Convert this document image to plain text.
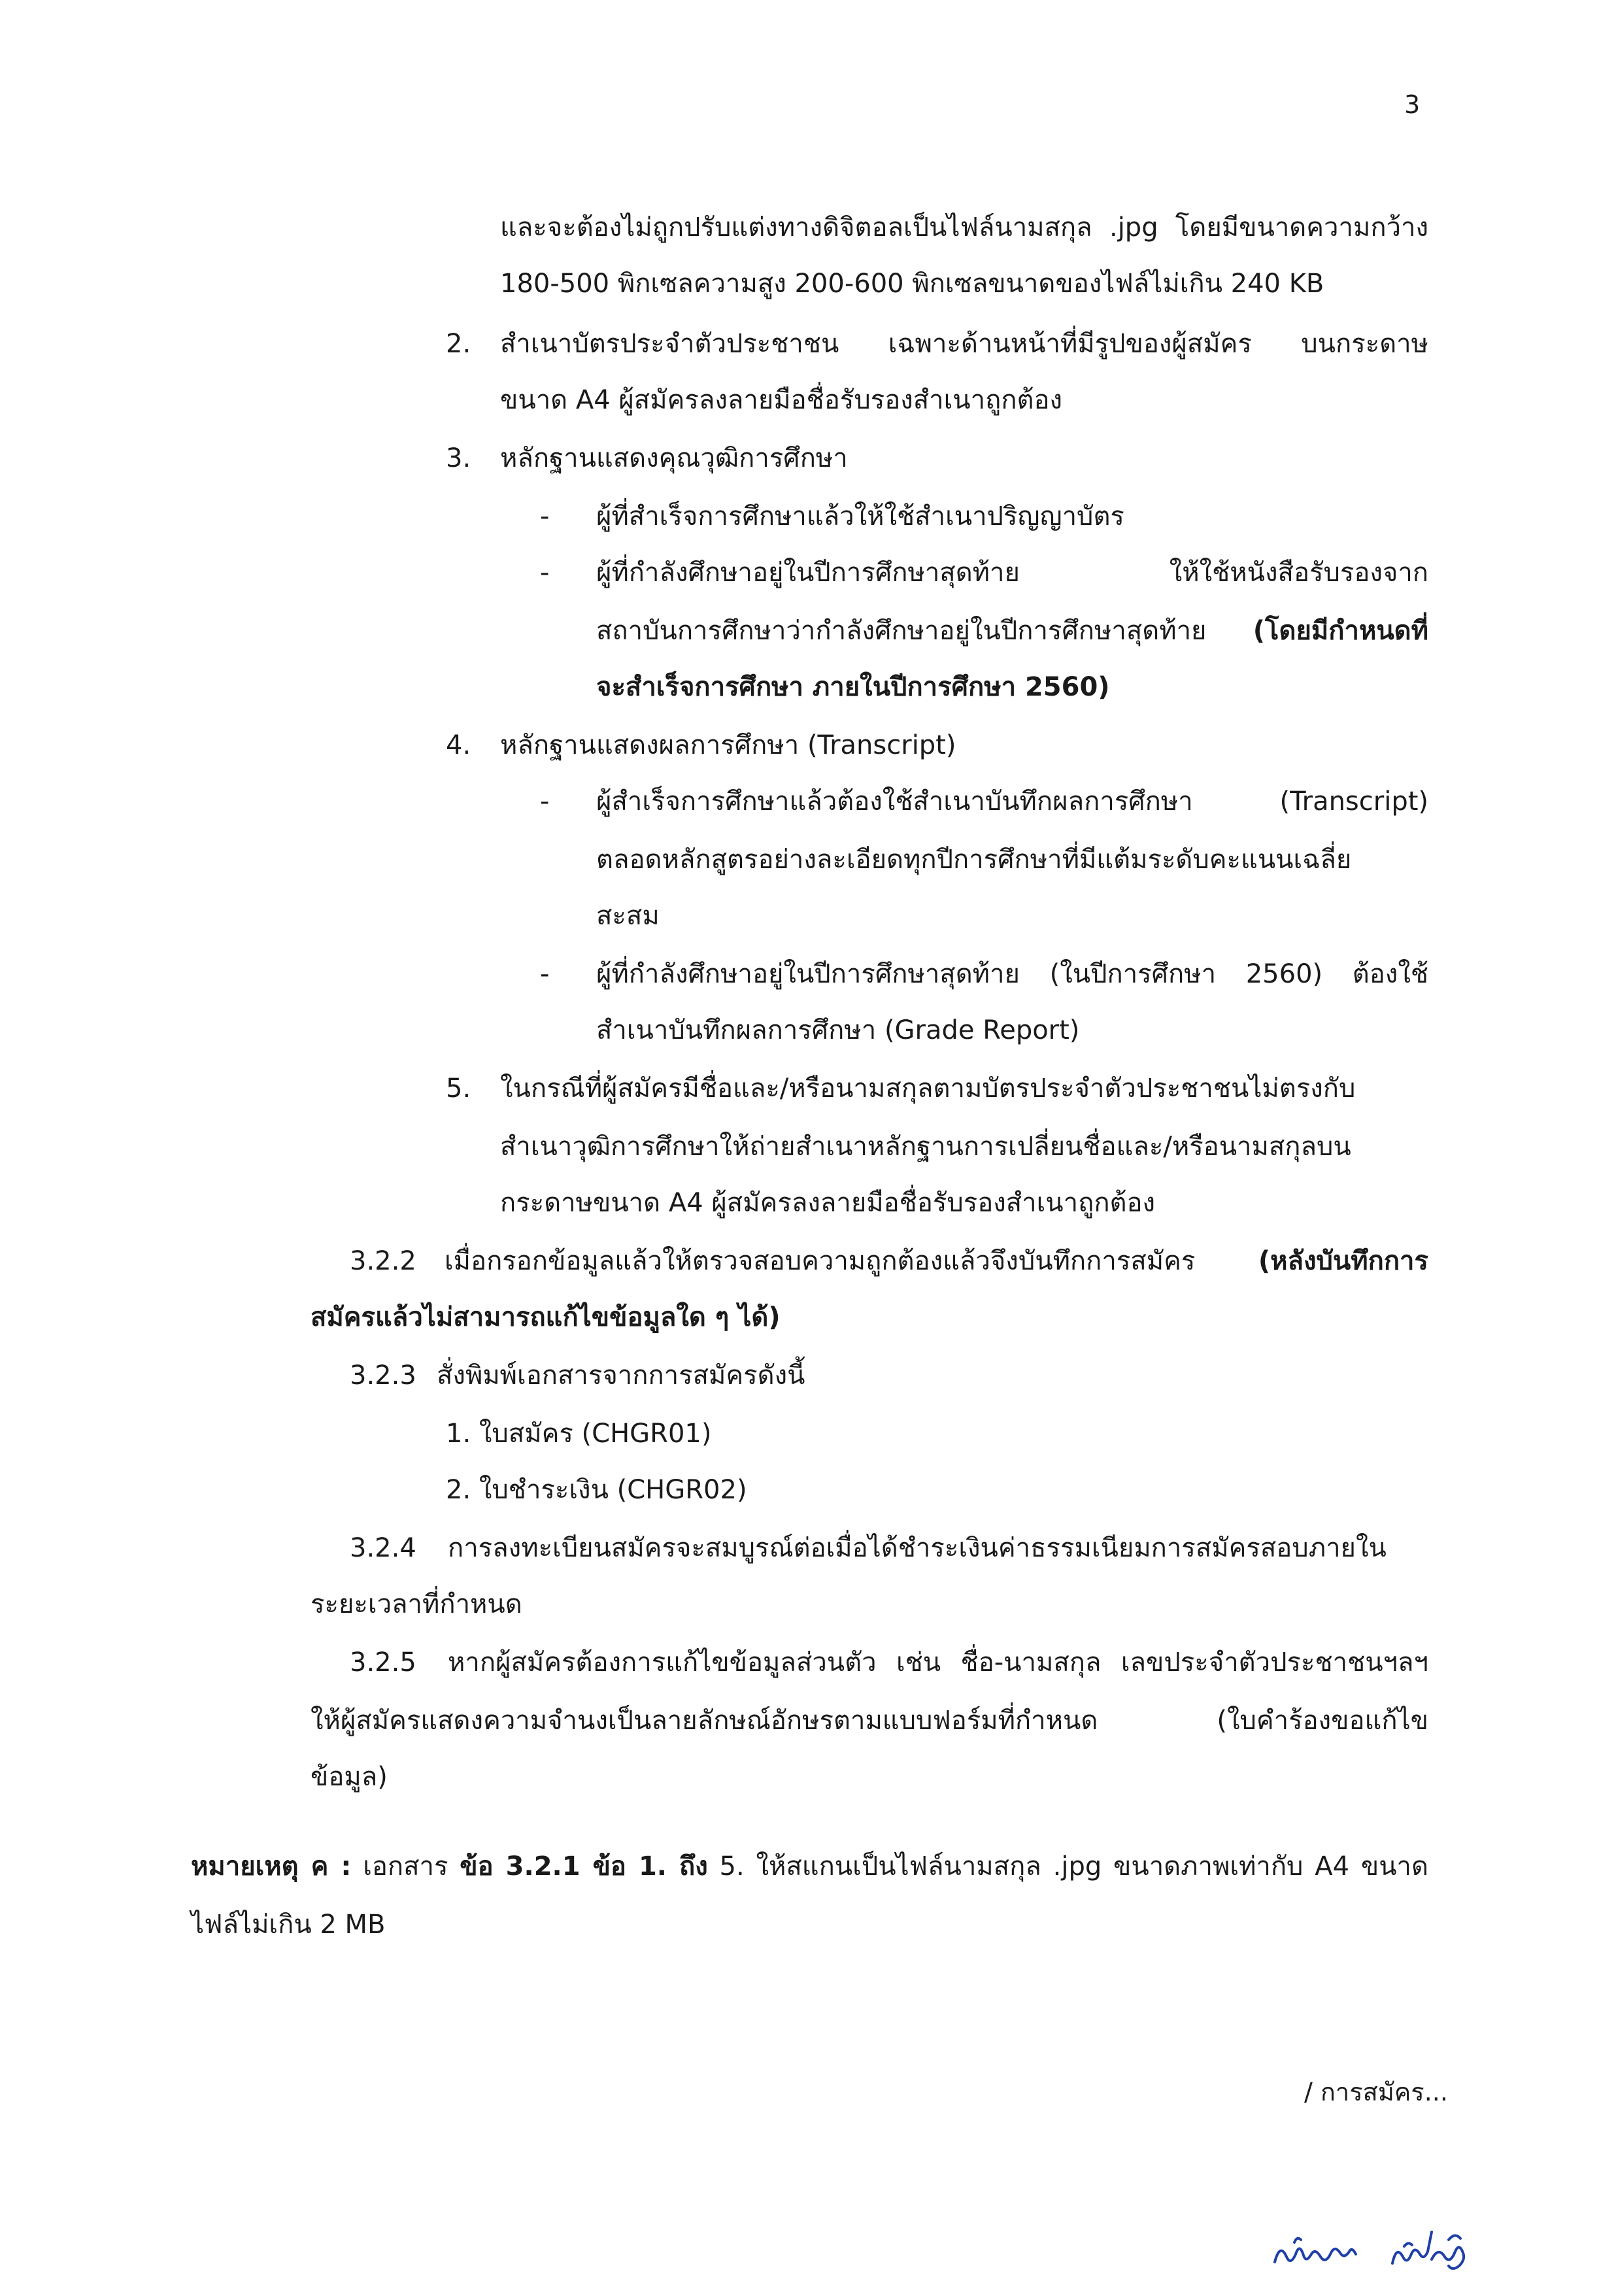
3
และจะต้องไม่ถูกปรับแต่งทางดิจิตอลเป็นไฟล์นามสกุล .jpg โดยมีขนาดความกว้าง
180-500 พิกเซลความสูง 200-600 พิกเซลขนาดของไฟล์ไม่เกิน 240 KB
2. สำเนาบัตรประจำตัวประชาชน เฉพาะด้านหน้าที่มีรูปของผู้สมัคร บนกระดาษ
ขนาด A4 ผู้สมัครลงลายมือชื่อรับรองสำเนาถูกต้อง
3. หลักฐานแสดงคุณวุฒิการศึกษา
- ผู้ที่สำเร็จการศึกษาแล้วให้ใช้สำเนาปริญญาบัตร
- ผู้ที่กำลังศึกษาอยู่ในปีการศึกษาสุดท้าย ให้ใช้หนังสือรับรองจาก
สถาบันการศึกษาว่ากำลังศึกษาอยู่ในปีการศึกษาสุดท้าย (โดยมีกำหนดที่
จะสำเร็จการศึกษา ภายในปีการศึกษา 2560)
4. หลักฐานแสดงผลการศึกษา (Transcript)
- ผู้สำเร็จการศึกษาแล้วต้องใช้สำเนาบันทึกผลการศึกษา (Transcript)
ตลอดหลักสูตรอย่างละเอียดทุกปีการศึกษาที่มีแต้มระดับคะแนนเฉลี่ย
สะสม
- ผู้ที่กำลังศึกษาอยู่ในปีการศึกษาสุดท้าย (ในปีการศึกษา 2560) ต้องใช้
สำเนาบันทึกผลการศึกษา (Grade Report)
5. ในกรณีที่ผู้สมัครมีชื่อและ/หรือนามสกุลตามบัตรประจำตัวประชาชนไม่ตรงกับ
สำเนาวุฒิการศึกษาให้ถ่ายสำเนาหลักฐานการเปลี่ยนชื่อและ/หรือนามสกุลบน
กระดาษขนาด A4 ผู้สมัครลงลายมือชื่อรับรองสำเนาถูกต้อง
3.2.2 เมื่อกรอกข้อมูลแล้วให้ตรวจสอบความถูกต้องแล้วจึงบันทึกการสมัคร (หลังบันทึกการ
สมัครแล้วไม่สามารถแก้ไขข้อมูลใด ๆ ได้)
3.2.3 สั่งพิมพ์เอกสารจากการสมัครดังนี้
1. ใบสมัคร (CHGR01)
2. ใบชำระเงิน (CHGR02)
3.2.4 การลงทะเบียนสมัครจะสมบูรณ์ต่อเมื่อได้ชำระเงินค่าธรรมเนียมการสมัครสอบภายใน
ระยะเวลาที่กำหนด
3.2.5 หากผู้สมัครต้องการแก้ไขข้อมูลส่วนตัว เช่น ชื่อ-นามสกุล เลขประจำตัวประชาชนฯลฯ
ให้ผู้สมัครแสดงความจำนงเป็นลายลักษณ์อักษรตามแบบฟอร์มที่กำหนด (ใบคำร้องขอแก้ไข
ข้อมูล)
หมายเหตุ ค : เอกสาร ข้อ 3.2.1 ข้อ 1. ถึง 5. ให้สแกนเป็นไฟล์นามสกุล .jpg ขนาดภาพเท่ากับ A4 ขนาด
ไฟล์ไม่เกิน 2 MB
/ การสมัคร...
